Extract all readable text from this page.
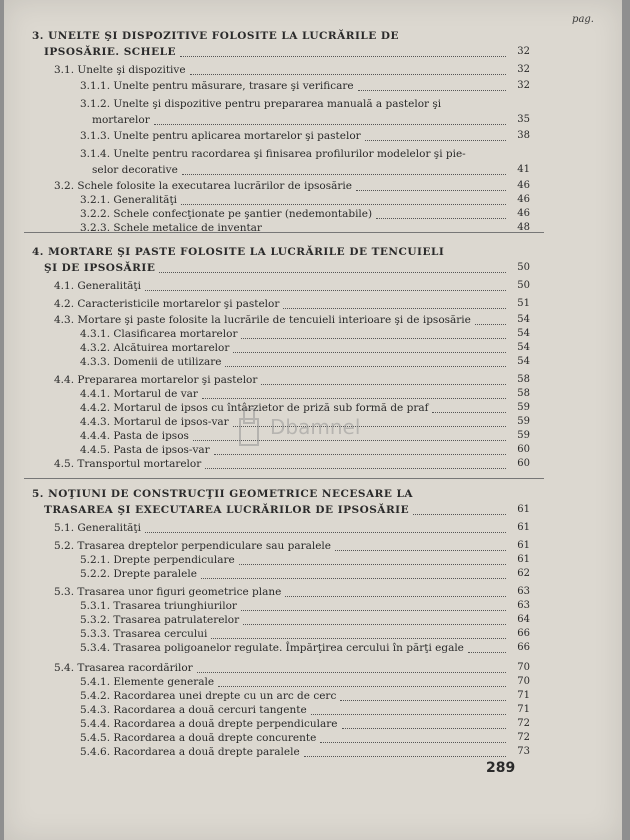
pag.
3. UNELTE ŞI DISPOZITIVE FOLOSITE LA LUCRĂRILE DE
IPSOSĂRIE. SCHELE	32
3.1. Unelte şi dispozitive	32
3.1.1. Unelte pentru măsurare, trasare şi verificare	32
3.1.2. Unelte şi dispozitive pentru prepararea manuală a pastelor şi
mortarelor	35
3.1.3. Unelte pentru aplicarea mortarelor şi pastelor	38
3.1.4. Unelte pentru racordarea şi finisarea profilurilor modelelor şi pie-
selor decorative	41
3.2. Schele folosite la executarea lucrărilor de ipsosărie	46
3.2.1. Generalităţi	46
3.2.2. Schele confecţionate pe şantier (nedemontabile)	46
3.2.3. Schele metalice de inventar	48
4. MORTARE ŞI PASTE FOLOSITE LA LUCRĂRILE DE TENCUIELI
ŞI DE IPSOSĂRIE	50
4.1. Generalităţi	50
4.2. Caracteristicile mortarelor şi pastelor	51
4.3. Mortare şi paste folosite la lucrările de tencuieli interioare şi de ipsosărie	54
4.3.1. Clasificarea mortarelor	54
4.3.2. Alcătuirea mortarelor	54
4.3.3. Domenii de utilizare	54
4.4. Prepararea mortarelor şi pastelor	58
4.4.1. Mortarul de var	58
4.4.2. Mortarul de ipsos cu întârzietor de priză sub formă de praf	59
4.4.3. Mortarul de ipsos-var	59
4.4.4. Pasta de ipsos	59
4.4.5. Pasta de ipsos-var	60
4.5. Transportul mortarelor	60
5. NOŢIUNI DE CONSTRUCŢII GEOMETRICE NECESARE LA
TRASAREA ŞI EXECUTAREA LUCRĂRILOR DE IPSOSĂRIE	61
5.1. Generalităţi	61
5.2. Trasarea dreptelor perpendiculare sau paralele	61
5.2.1. Drepte perpendiculare	61
5.2.2. Drepte paralele	62
5.3. Trasarea unor figuri geometrice plane	63
5.3.1. Trasarea triunghiurilor	63
5.3.2. Trasarea patrulaterelor	64
5.3.3. Trasarea cercului	66
5.3.4. Trasarea poligoanelor regulate. Împărţirea cercului în părţi egale	66
5.4. Trasarea racordărilor	70
5.4.1. Elemente generale	70
5.4.2. Racordarea unei drepte cu un arc de cerc	71
5.4.3. Racordarea a două cercuri tangente	71
5.4.4. Racordarea a două drepte perpendiculare	72
5.4.5. Racordarea a două drepte concurente	72
5.4.6. Racordarea a două drepte paralele	73
Dbamnel
289
